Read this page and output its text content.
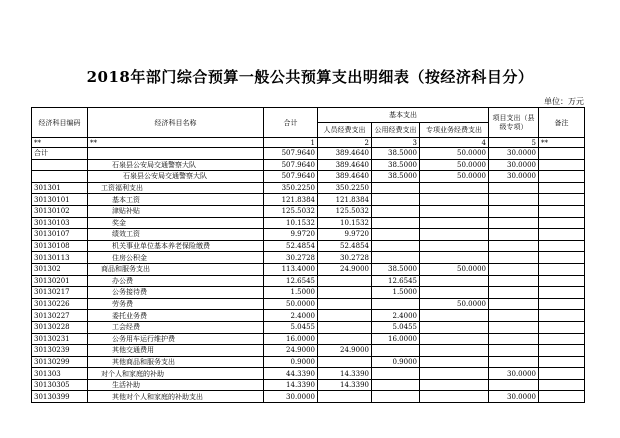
2018年部门综合预算一般公共预算支出明细表（按经济科目分）
单位：万元
经济科目编码	经济科目名称	合计	基本支出			项目支出（县级专项）	备注
			人员经费支出	公用经费支出	专项业务经费支出		
**	**	1	2	3	4	5	**
合计		507.9640	389.4640	38.5000	50.0000	30.0000	
	石泉县公安局交通警察大队	507.9640	389.4640	38.5000	50.0000	30.0000	
	石泉县公安局交通警察大队	507.9640	389.4640	38.5000	50.0000	30.0000	
301301	工资福利支出	350.2250	350.2250				
30130101	基本工资	121.8384	121.8384				
30130102	津贴补贴	125.5032	125.5032				
30130103	奖金	10.1532	10.1532				
30130107	绩效工资	9.9720	9.9720				
30130108	机关事业单位基本养老保险缴费	52.4854	52.4854				
30130113	住房公积金	30.2728	30.2728				
301302	商品和服务支出	113.4000	24.9000	38.5000	50.0000		
30130201	办公费	12.6545		12.6545			
30130217	公务接待费	1.5000		1.5000			
30130226	劳务费	50.0000			50.0000		
30130227	委托业务费	2.4000		2.4000			
30130228	工会经费	5.0455		5.0455			
30130231	公务用车运行维护费	16.0000		16.0000			
30130239	其他交通费用	24.9000	24.9000				
30130299	其他商品和服务支出	0.9000		0.9000			
301303	对个人和家庭的补助	44.3390	14.3390			30.0000	
30130305	生活补助	14.3390	14.3390				
30130399	其他对个人和家庭的补助支出	30.0000				30.0000	
